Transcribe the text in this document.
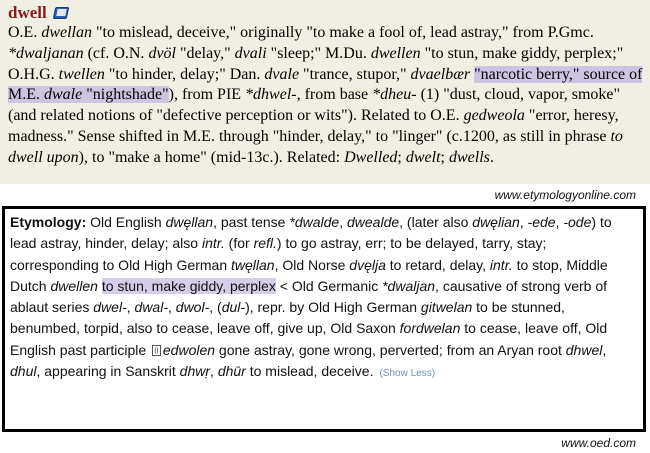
dwell
O.E. dwellan "to mislead, deceive," originally "to make a fool of, lead astray," from P.Gmc. *dwaljanan (cf. O.N. dvöl "delay," dvali "sleep;" M.Du. dwellen "to stun, make giddy, perplex;" O.H.G. twellen "to hinder, delay;" Dan. dvale "trance, stupor," dvaelbær "narcotic berry," source of M.E. dwale "nightshade"), from PIE *dhwel-, from base *dheu- (1) "dust, cloud, vapor, smoke" (and related notions of "defective perception or wits"). Related to O.E. gedweola "error, heresy, madness." Sense shifted in M.E. through "hinder, delay," to "linger" (c.1200, as still in phrase to dwell upon), to "make a home" (mid-13c.). Related: Dwelled; dwelt; dwells.
www.etymologyonline.com
Etymology: Old English dwęllan, past tense *dwalde, dwealde, (later also dwęlian, -ede, -ode) to lead astray, hinder, delay; also intr. (for refl.) to go astray, err; to be delayed, tarry, stay; corresponding to Old High German twęllan, Old Norse dvęlja to retard, delay, intr. to stop, Middle Dutch dwellen to stun, make giddy, perplex < Old Germanic *dwaljan, causative of strong verb of ablaut series dwel-, dwal-, dwol-, (dul-), repr. by Old High German gitwelan to be stunned, benumbed, torpid, also to cease, leave off, give up, Old Saxon fordwelan to cease, leave off, Old English past participle ⌷ edwolen gone astray, gone wrong, perverted; from an Aryan root dhwel, dhul, appearing in Sanskrit dhwṛ, dhūr to mislead, deceive. (Show Less)
www.oed.com
